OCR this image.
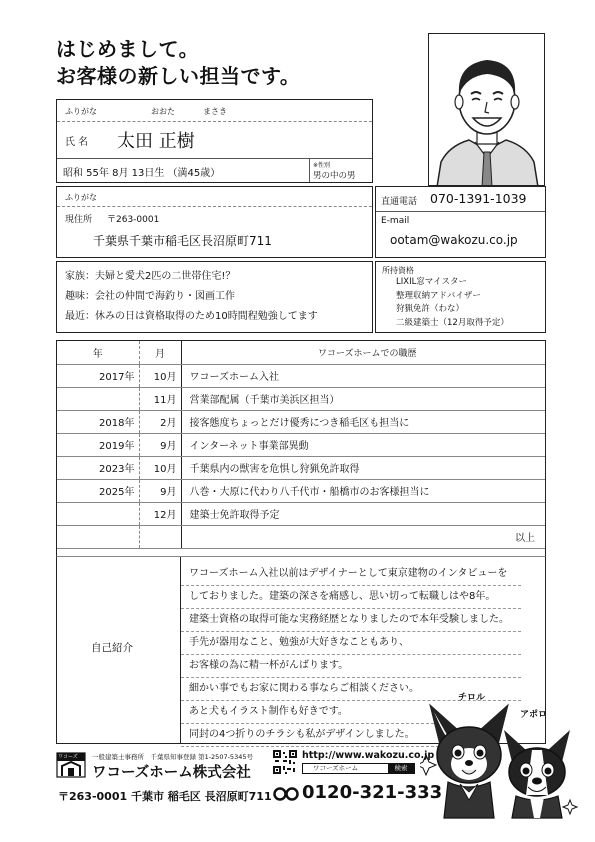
はじめまして。
お客様の新しい担当です。
ふりがな	おおた	まさき
氏 名 太田 正樹
昭和 55年 8月 13日生 （満45歳）
※性別
男の中の男
ふりがな
現住所 〒263-0001
千葉県千葉市稲毛区長沼原町711
直通電話 070-1391-1039
E-mail
ootam@wakozu.co.jp
家族：夫婦と愛犬2匹の二世帯住宅!？
趣味：会社の仲間で海釣り・図画工作
最近：休みの日は資格取得のため10時間程勉強してます
所持資格
LIXIL窓マイスター
整理収納アドバイザー
狩猟免許（わな）
二級建築士（12月取得予定）
年	月	ワコーズホームでの職歴
2017年	10月	ワコーズホーム入社
	11月	営業部配属（千葉市美浜区担当）
2018年	2月	接客態度ちょっとだけ優秀につき稲毛区も担当に
2019年	9月	インターネット事業部異動
2023年	10月	千葉県内の獣害を危惧し狩猟免許取得
2025年	9月	八巻・大原に代わり八千代市・船橋市のお客様担当に
	12月	建築士免許取得予定
		以上
自己紹介
ワコーズホーム入社以前はデザイナーとして東京建物のインタビューを
しておりました。建築の深さを痛感し、思い切って転職しはや8年。
建築士資格の取得可能な実務経歴となりましたので本年受験しました。
手先が器用なこと、勉強が大好きなこともあり、
お客様の為に精一杯がんばります。
細かい事でもお家に関わる事ならご相談ください。
あと犬もイラスト制作も好きです。
同封の4つ折りのチラシも私がデザインしました。
チロル
アポロ
ワコーズ 一般建築士事務所　千葉県知事登録 第1-2507-5345号
ワコーズホーム株式会社
〒263-0001 千葉市 稲毛区 長沼原町711
http://www.wakozu.co.jp
ワコーズホーム	検索
0120-321-333
